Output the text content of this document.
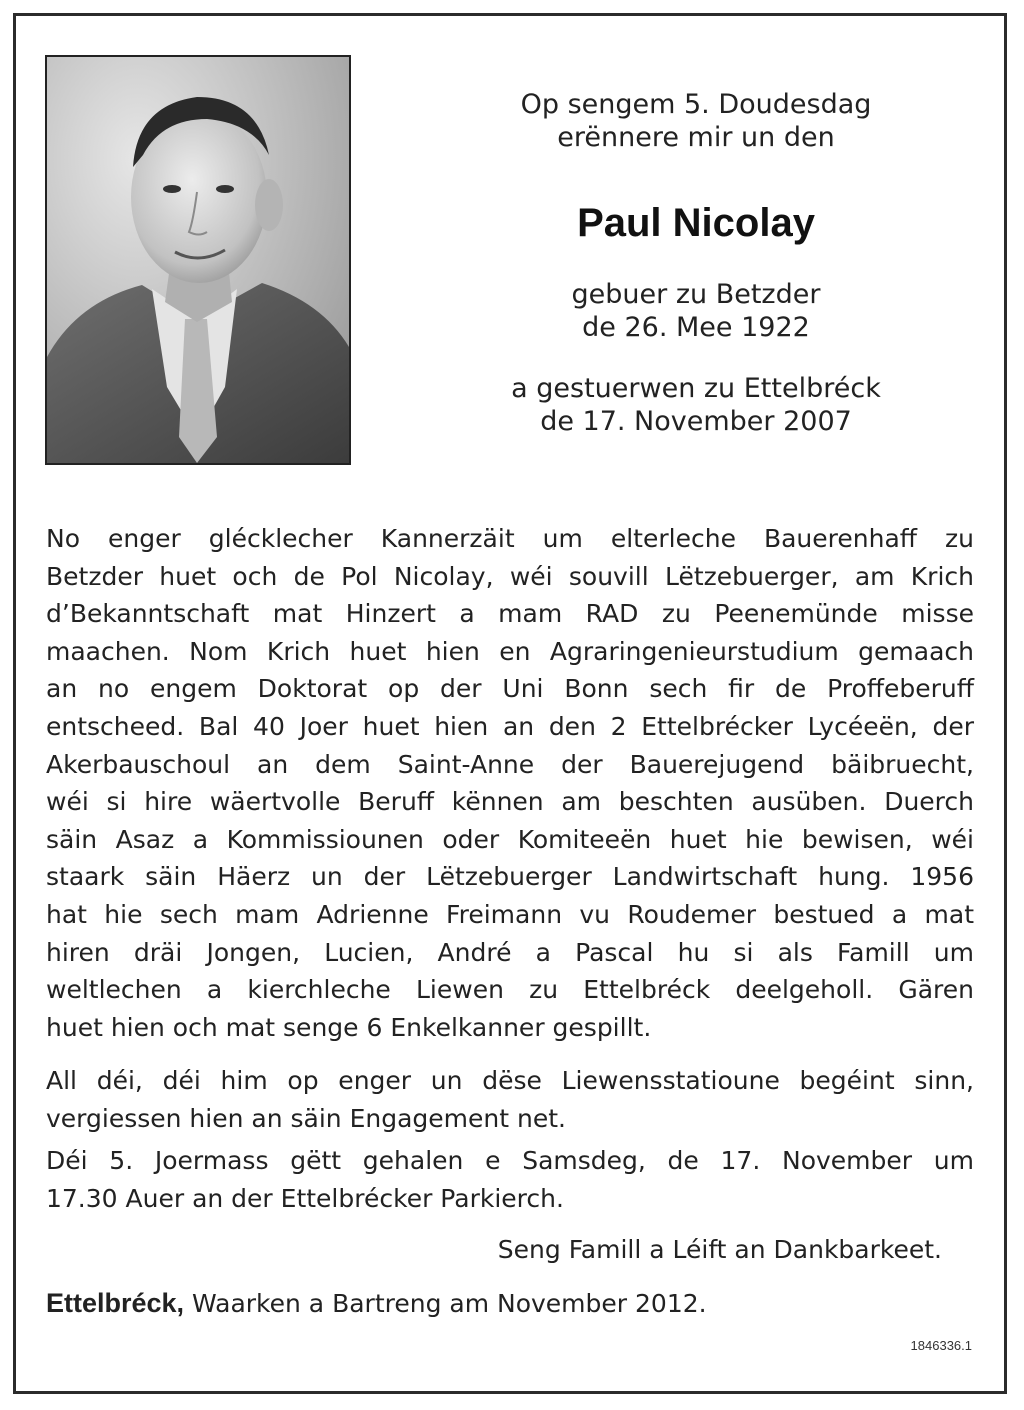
Op sengem 5. Doudesdag
erënnere mir un den
Paul Nicolay
gebuer zu Betzder
de 26. Mee 1922
a gestuerwen zu Ettelbréck
de 17. November 2007
No enger glécklecher Kannerzäit um elterleche Bauerenhaff zu
Betzder huet och de Pol Nicolay, wéi souvill Lëtzebuerger, am Krich
d’Bekanntschaft mat Hinzert a mam RAD zu Peenemünde misse
maachen. Nom Krich huet hien en Agraringenieurstudium gemaach
an no engem Doktorat op der Uni Bonn sech fir de Proffeberuff
entscheed. Bal 40 Joer huet hien an den 2 Ettelbrécker Lycéeën, der
Akerbauschoul an dem Saint-Anne der Bauerejugend bäibruecht,
wéi si hire wäertvolle Beruff kënnen am beschten ausüben. Duerch
säin Asaz a Kommissiounen oder Komiteeën huet hie bewisen, wéi
staark säin Häerz un der Lëtzebuerger Landwirtschaft hung. 1956
hat hie sech mam Adrienne Freimann vu Roudemer bestued a mat
hiren dräi Jongen, Lucien, André a Pascal hu si als Famill um
weltlechen a kierchleche Liewen zu Ettelbréck deelgeholl. Gären
huet hien och mat senge 6 Enkelkanner gespillt.
All déi, déi him op enger un dëse Liewensstatioune begéint sinn,
vergiessen hien an säin Engagement net.
Déi 5. Joermass gëtt gehalen e Samsdeg, de 17. November um
17.30 Auer an der Ettelbrécker Parkierch.
Seng Famill a Léift an Dankbarkeet.
Ettelbréck, Waarken a Bartreng am November 2012.
1846336.1
